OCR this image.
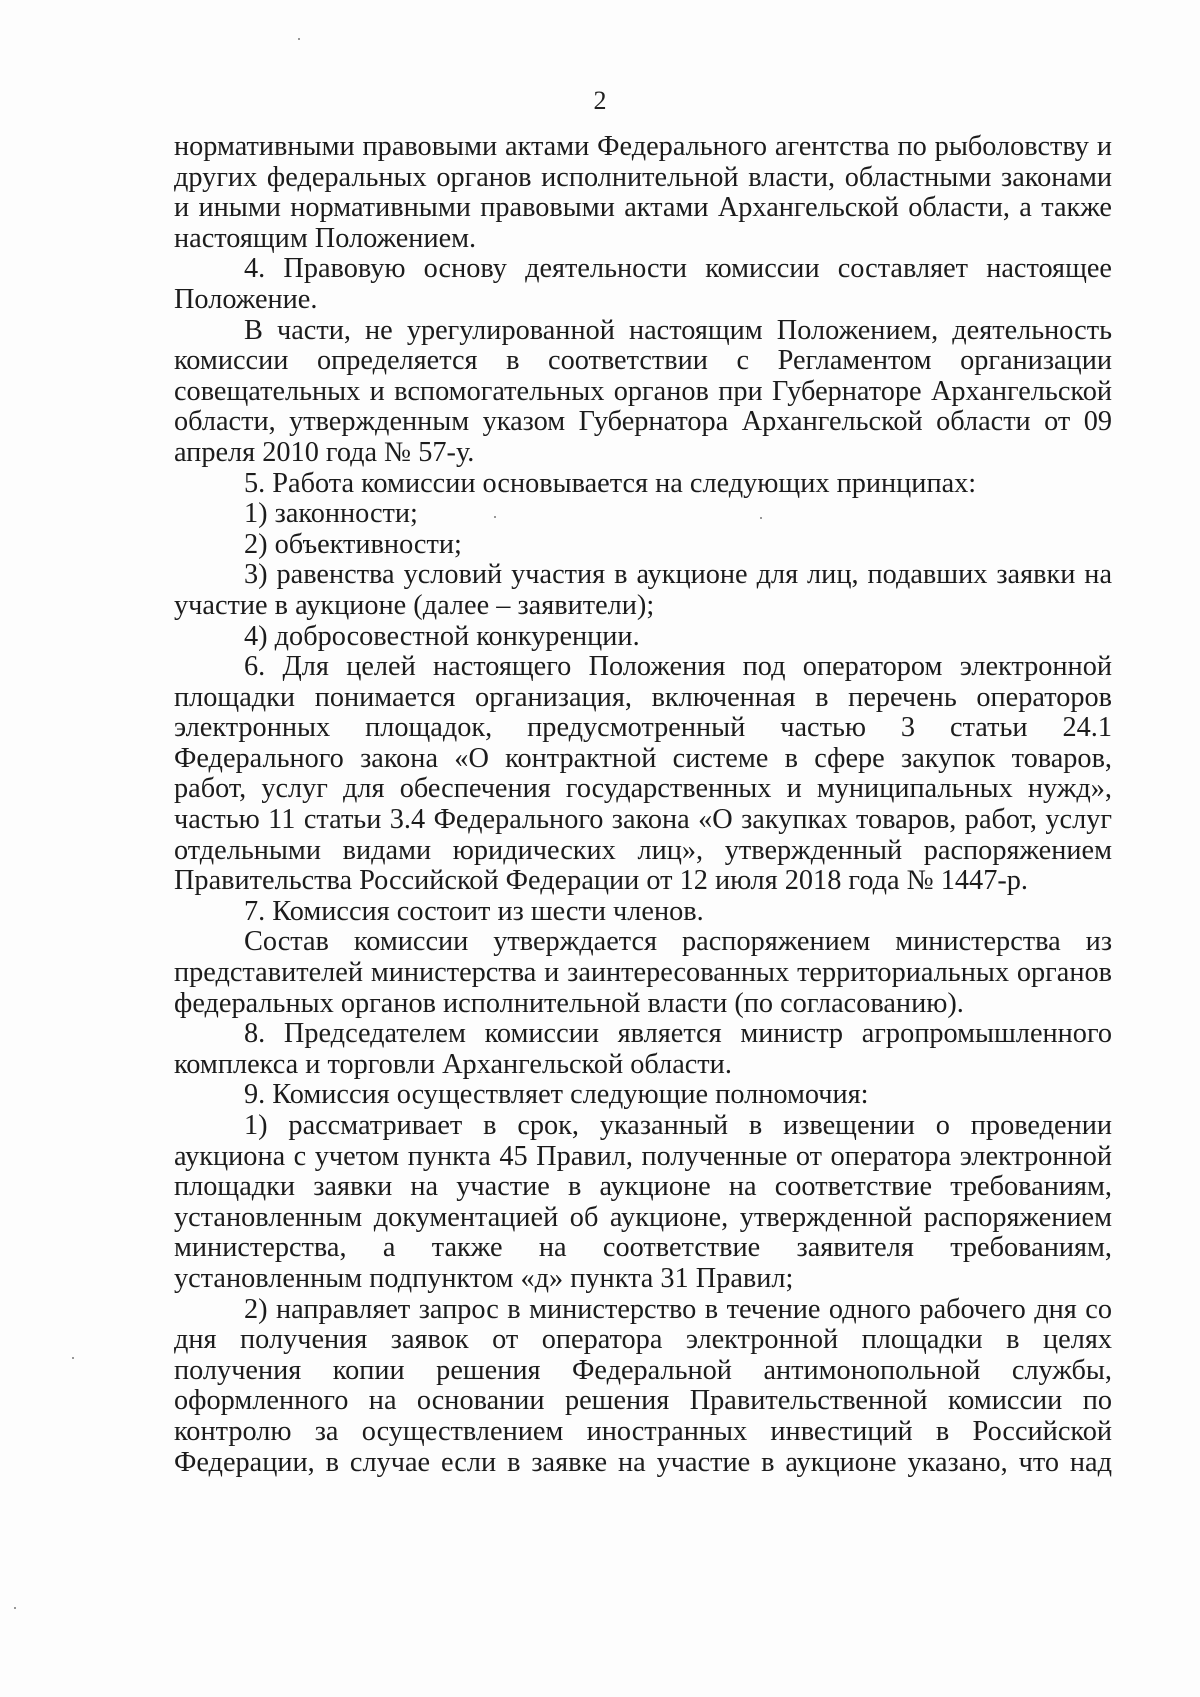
2

нормативными правовыми актами Федерального агентства по рыболовству и других федеральных органов исполнительной власти, областными законами и иными нормативными правовыми актами Архангельской области, а также настоящим Положением.

4. Правовую основу деятельности комиссии составляет настоящее Положение.

В части, не урегулированной настоящим Положением, деятельность комиссии определяется в соответствии с Регламентом организации совещательных и вспомогательных органов при Губернаторе Архангельской области, утвержденным указом Губернатора Архангельской области от 09 апреля 2010 года № 57-у.

5. Работа комиссии основывается на следующих принципах:

1) законности;

2) объективности;

3) равенства условий участия в аукционе для лиц, подавших заявки на участие в аукционе (далее – заявители);

4) добросовестной конкуренции.

6. Для целей настоящего Положения под оператором электронной площадки понимается организация, включенная в перечень операторов электронных площадок, предусмотренный частью 3 статьи 24.1 Федерального закона «О контрактной системе в сфере закупок товаров, работ, услуг для обеспечения государственных и муниципальных нужд», частью 11 статьи 3.4 Федерального закона «О закупках товаров, работ, услуг отдельными видами юридических лиц», утвержденный распоряжением Правительства Российской Федерации от 12 июля 2018 года № 1447-р.

7. Комиссия состоит из шести членов.

Состав комиссии утверждается распоряжением министерства из представителей министерства и заинтересованных территориальных органов федеральных органов исполнительной власти (по согласованию).

8. Председателем комиссии является министр агропромышленного комплекса и торговли Архангельской области.

9. Комиссия осуществляет следующие полномочия:

1) рассматривает в срок, указанный в извещении о проведении аукциона с учетом пункта 45 Правил, полученные от оператора электронной площадки заявки на участие в аукционе на соответствие требованиям, установленным документацией об аукционе, утвержденной распоряжением министерства, а также на соответствие заявителя требованиям, установленным подпунктом «д» пункта 31 Правил;

2) направляет запрос в министерство в течение одного рабочего дня со дня получения заявок от оператора электронной площадки в целях получения копии решения Федеральной антимонопольной службы, оформленного на основании решения Правительственной комиссии по контролю за осуществлением иностранных инвестиций в Российской Федерации, в случае если в заявке на участие в аукционе указано, что над
